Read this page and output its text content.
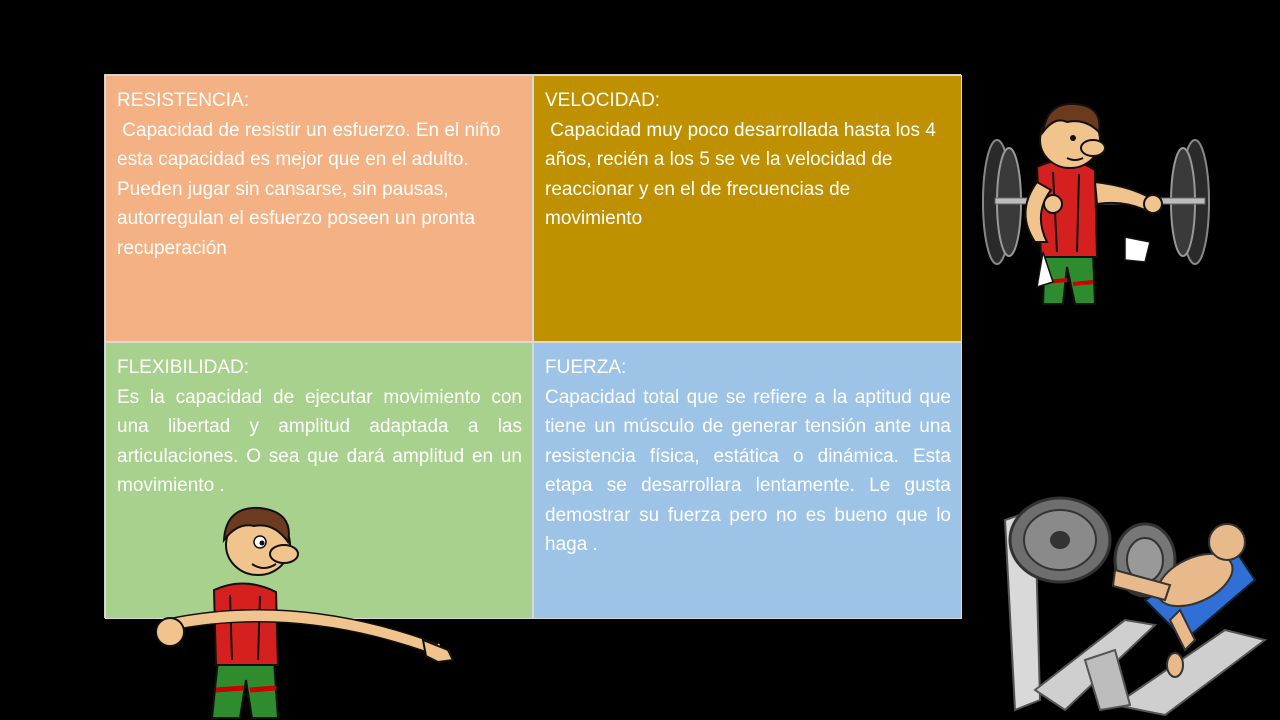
RESISTENCIA:
Capacidad de resistir un esfuerzo. En el niño esta capacidad es mejor que en el adulto. Pueden jugar sin cansarse, sin pausas, autorregulan el esfuerzo poseen un pronta recuperación
VELOCIDAD:
Capacidad muy poco desarrollada hasta los 4 años, recién a los 5 se ve la velocidad de reaccionar y en el de frecuencias de movimiento
FLEXIBILIDAD:
Es la capacidad de ejecutar movimiento con una libertad y amplitud adaptada a las articulaciones. O sea que dará amplitud en un movimiento .
FUERZA:
Capacidad total que se refiere a la aptitud que tiene un músculo de generar tensión ante una resistencia física, estática o dinámica. Esta etapa se desarrollara lentamente. Le gusta demostrar su fuerza pero no es bueno que lo haga .
